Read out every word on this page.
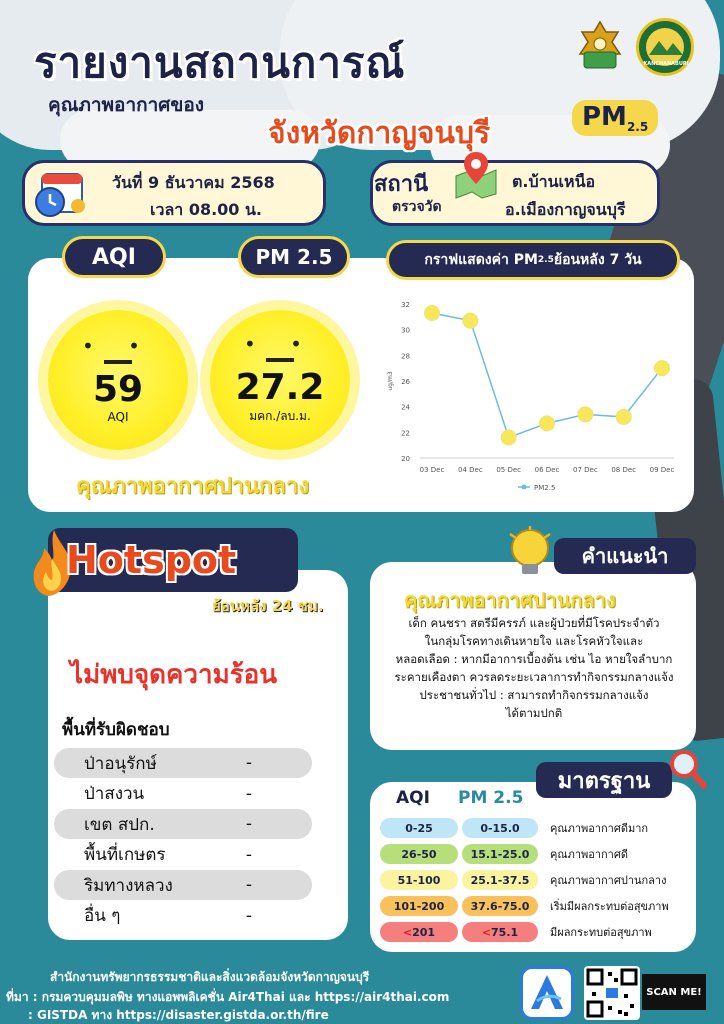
รายงานสถานการณ์
คุณภาพอากาศของ
จังหวัดกาญจนบุรี	$PM_{2.5}$
KANCHANABURI
วันที่ 9 ธันวาคม 2568
เวลา 08.00 น.
สถานี
ตรวจวัด
ต.บ้านเหนือ
อ.เมืองกาญจนบุรี
AQI	PM 2.5
• •
59
AQI
• •
27.2
มคก./ลบ.ม.
คุณภาพอากาศปานกลาง
กราฟแสดงค่า PM 2.5 ย้อนหลัง 7 วัน
20
22
24
26
28
30
32
ug/m3
03 Dec 04 Dec 05 Dec 06 Dec 07 Dec 08 Dec 09 Dec
PM2.5
Hotspot
ย้อนหลัง 24 ชม.
ไม่พบจุดความร้อน
พื้นที่รับผิดชอบ
ป่าอนุรักษ์	-
ป่าสงวน	-
เขต สปก.	-
พื้นที่เกษตร	-
ริมทางหลวง	-
อื่น ๆ	-
คำแนะนำ
คุณภาพอากาศปานกลาง
เด็ก คนชรา สตรีมีครรภ์ และผู้ป่วยที่มีโรคประจำตัว
ในกลุ่มโรคทางเดินหายใจ และโรคหัวใจและ
หลอดเลือด : หากมีอาการเบื้องต้น เช่น ไอ หายใจลำบาก
ระคายเคืองตา ควรลดระยะเวลาการทำกิจกรรมกลางแจ้ง
ประชาชนทั่วไป : สามารถทำกิจกรรมกลางแจ้ง
ได้ตามปกติ
มาตรฐาน
AQI PM 2.5
0-25	0-15.0	คุณภาพอากาศดีมาก
26-50	15.1-25.0 คุณภาพอากาศดี
51-100	25.1-37.5 คุณภาพอากาศปานกลาง
101-200 37.6-75.0 เริ่มมีผลกระทบต่อสุขภาพ
< 201	< 75.1	มีผลกระทบต่อสุขภาพ
สำนักงานทรัพยากรธรรมชาติและสิ่งแวดล้อมจังหวัดกาญจนบุรี
ที่มา : กรมควบคุมมลพิษ ทางแอพพลิเคชั่น Air4Thai และ https://air4thai.com
: GISTDA ทาง https://disaster.gistda.or.th/fire
SCAN ME!
